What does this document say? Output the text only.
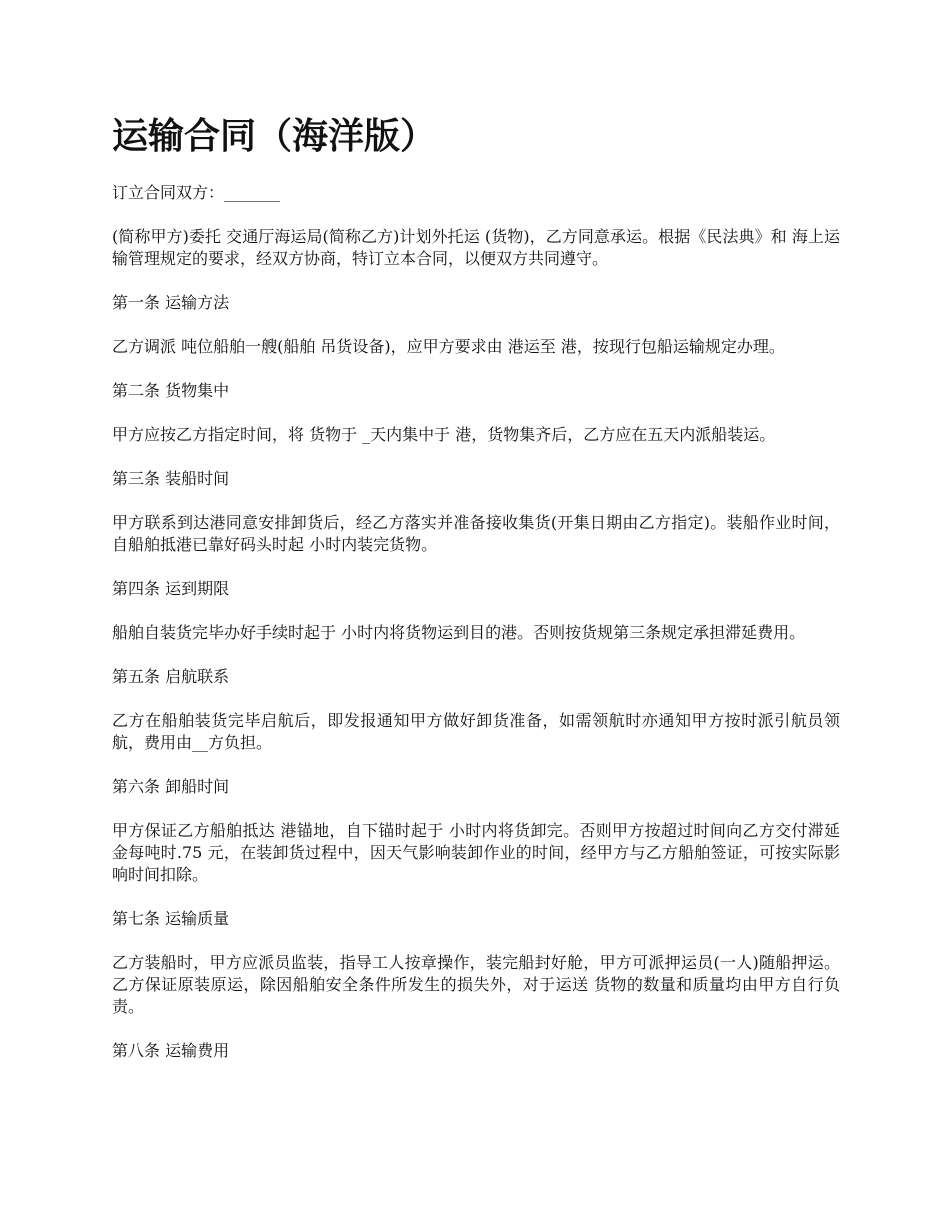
运输合同（海洋版）

订立合同双方：_______

(简称甲方)委托 交通厅海运局(简称乙方)计划外托运 (货物)，乙方同意承运。根据《民法典》和 海上运输管理规定的要求，经双方协商，特订立本合同，以便双方共同遵守。

第一条 运输方法

乙方调派 吨位船舶一艘(船舶 吊货设备)，应甲方要求由 港运至 港，按现行包船运输规定办理。

第二条 货物集中

甲方应按乙方指定时间，将 货物于 _天内集中于 港，货物集齐后，乙方应在五天内派船装运。

第三条 装船时间

甲方联系到达港同意安排卸货后，经乙方落实并准备接收集货(开集日期由乙方指定)。装船作业时间，自船舶抵港已靠好码头时起 小时内装完货物。

第四条 运到期限

船舶自装货完毕办好手续时起于 小时内将货物运到目的港。否则按货规第三条规定承担滞延费用。

第五条 启航联系

乙方在船舶装货完毕启航后，即发报通知甲方做好卸货准备，如需领航时亦通知甲方按时派引航员领航，费用由__方负担。

第六条 卸船时间

甲方保证乙方船舶抵达 港锚地，自下锚时起于 小时内将货卸完。否则甲方按超过时间向乙方交付滞延金每吨时.75 元，在装卸货过程中，因天气影响装卸作业的时间，经甲方与乙方船舶签证，可按实际影响时间扣除。

第七条 运输质量

乙方装船时，甲方应派员监装，指导工人按章操作，装完船封好舱，甲方可派押运员(一人)随船押运。乙方保证原装原运，除因船舶安全条件所发生的损失外，对于运送 货物的数量和质量均由甲方自行负责。

第八条 运输费用
